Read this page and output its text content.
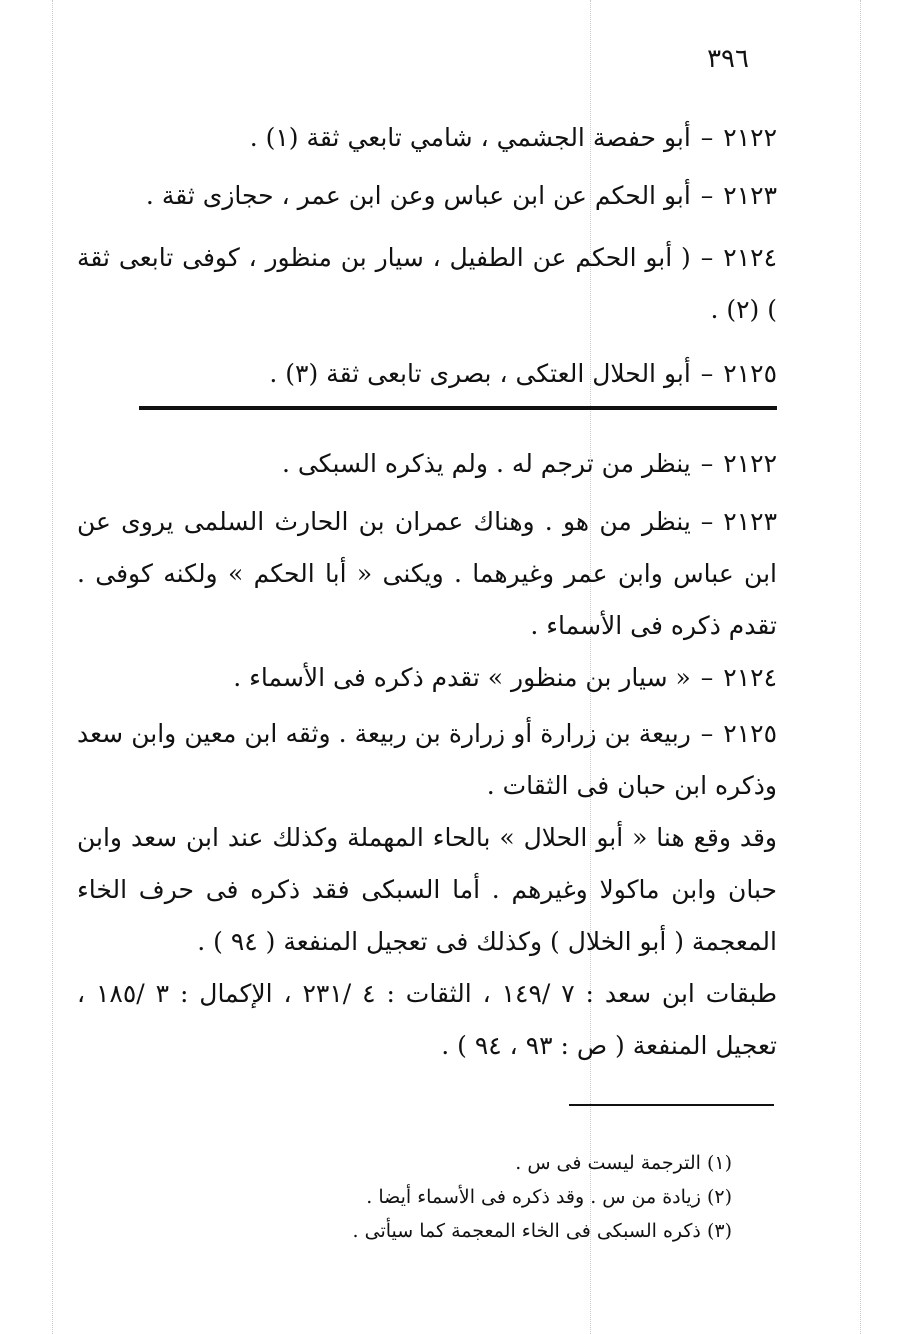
٣٩٦
٢١٢٢–أبو حفصة الجشمي ، شامي تابعي ثقة (١) .
٢١٢٣–أبو الحكم عن ابن عباس وعن ابن عمر ، حجازى ثقة .
٢١٢٤–( أبو الحكم عن الطفيل ، سيار بن منظور ، كوفى تابعى ثقة ) (٢) .
٢١٢٥–أبو الحلال العتكى ، بصرى تابعى ثقة (٣) .
٢١٢٢–ينظر من ترجم له . ولم يذكره السبكى .
٢١٢٣–ينظر من هو . وهناك عمران بن الحارث السلمى يروى عن ابن عباس وابن عمر وغيرهما . ويكنى « أبا الحكم » ولكنه كوفى . تقدم ذكره فى الأسماء .
٢١٢٤–« سيار بن منظور » تقدم ذكره فى الأسماء .
٢١٢٥–ربيعة بن زرارة أو زرارة بن ربيعة . وثقه ابن معين وابن سعد وذكره ابن حبان فى الثقات .
وقد وقع هنا « أبو الحلال » بالحاء المهملة وكذلك عند ابن سعد وابن حبان وابن ماكولا وغيرهم . أما السبكى فقد ذكره فى حرف الخاء المعجمة ( أبو الخلال ) وكذلك فى تعجيل المنفعة ( ٩٤ ) .
طبقات ابن سعد : ٧ /١٤٩ ، الثقات : ٤ /٢٣١ ، الإكمال : ٣ /١٨٥ ، تعجيل المنفعة ( ص : ٩٣ ، ٩٤ ) .
(١) الترجمة ليست فى س .
(٢) زيادة من س . وقد ذكره فى الأسماء أيضا .
(٣) ذكره السبكى فى الخاء المعجمة كما سيأتى .
